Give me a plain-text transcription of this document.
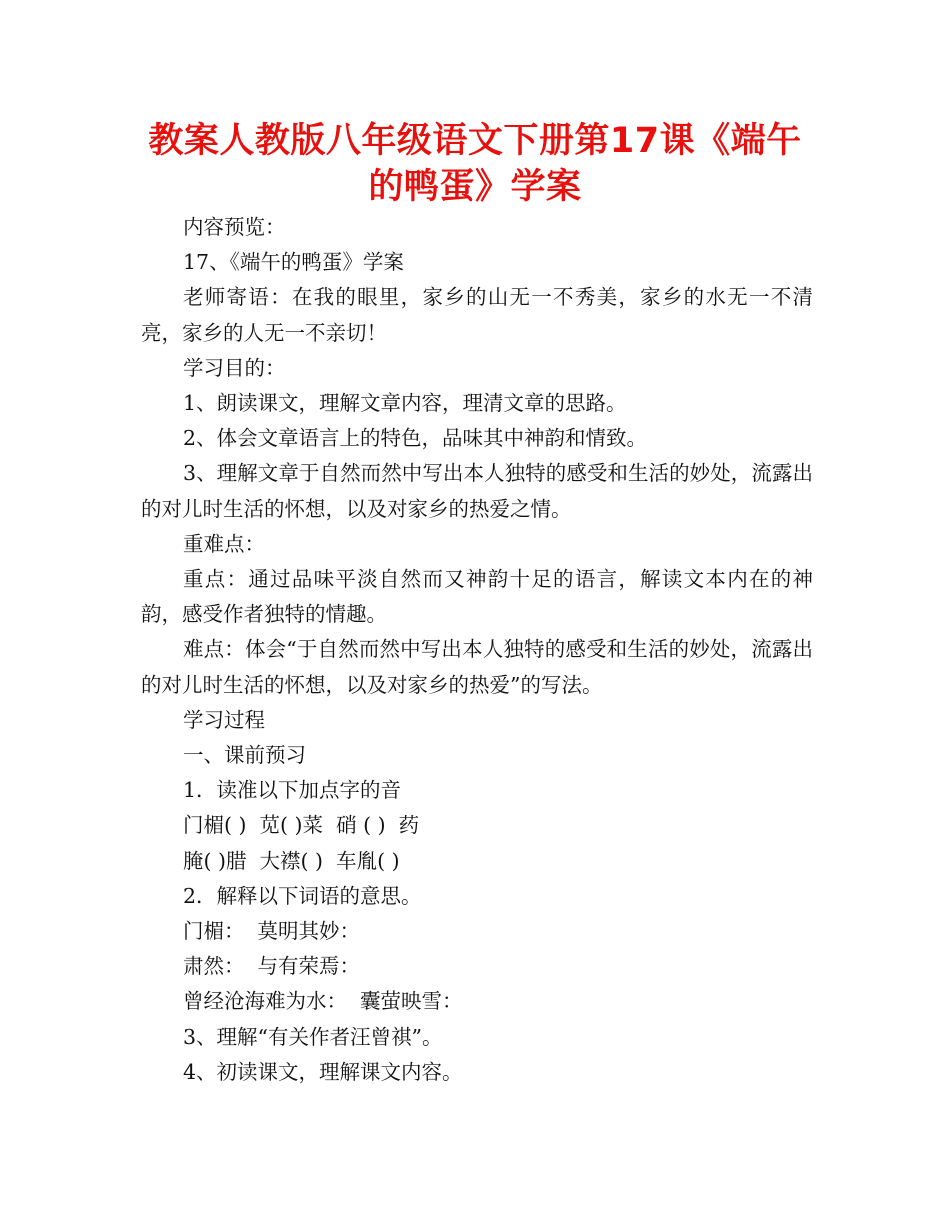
教案人教版八年级语文下册第17课《端午的鸭蛋》学案

内容预览：

17、《端午的鸭蛋》学案

老师寄语：在我的眼里，家乡的山无一不秀美，家乡的水无一不清亮，家乡的人无一不亲切！

学习目的：

1、朗读课文，理解文章内容，理清文章的思路。

2、体会文章语言上的特色，品味其中神韵和情致。

3、理解文章于自然而然中写出本人独特的感受和生活的妙处，流露出的对儿时生活的怀想，以及对家乡的热爱之情。

重难点：

重点：通过品味平淡自然而又神韵十足的语言，解读文本内在的神韵，感受作者独特的情趣。

难点：体会“于自然而然中写出本人独特的感受和生活的妙处，流露出的对儿时生活的怀想，以及对家乡的热爱”的写法。

学习过程

一、课前预习

1．读准以下加点字的音

门楣( )  苋( )菜  硝 ( )  药

腌( )腊  大襟( )  车胤( )

2．解释以下词语的意思。

门楣：  莫明其妙：

肃然：  与有荣焉：

曾经沧海难为水：  囊萤映雪：

3、理解“有关作者汪曾祺”。

4、初读课文，理解课文内容。
